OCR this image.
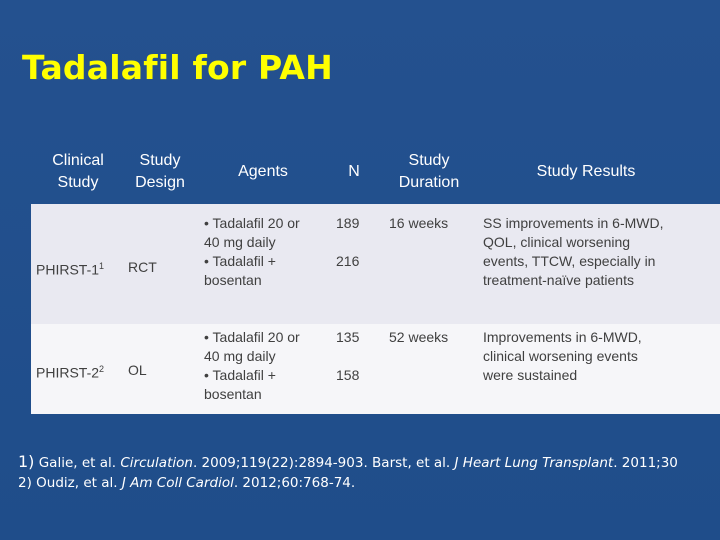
Tadalafil for PAH
Clinical
Study
Study
Design
Agents	N
Study
Duration
Study Results
PHIRST-$1^1$ RCT
• Tadalafil 20 or
40 mg daily
• Tadalafil +
bosentan
189
216
16 weeks SS improvements in 6-MWD,
QOL, clinical worsening
events, TTCW, especially in
treatment-naïve patients
PHIRST-$2^2$ OL
• Tadalafil 20 or
40 mg daily
• Tadalafil +
bosentan
135
158
52 weeks Improvements in 6-MWD,
clinical worsening events
were sustained
1) Galie, et al. Circulation. 2009;119(22):2894-903. Barst, et al. J Heart Lung Transplant. 2011;30
2) Oudiz, et al. J Am Coll Cardiol. 2012;60:768-74.
